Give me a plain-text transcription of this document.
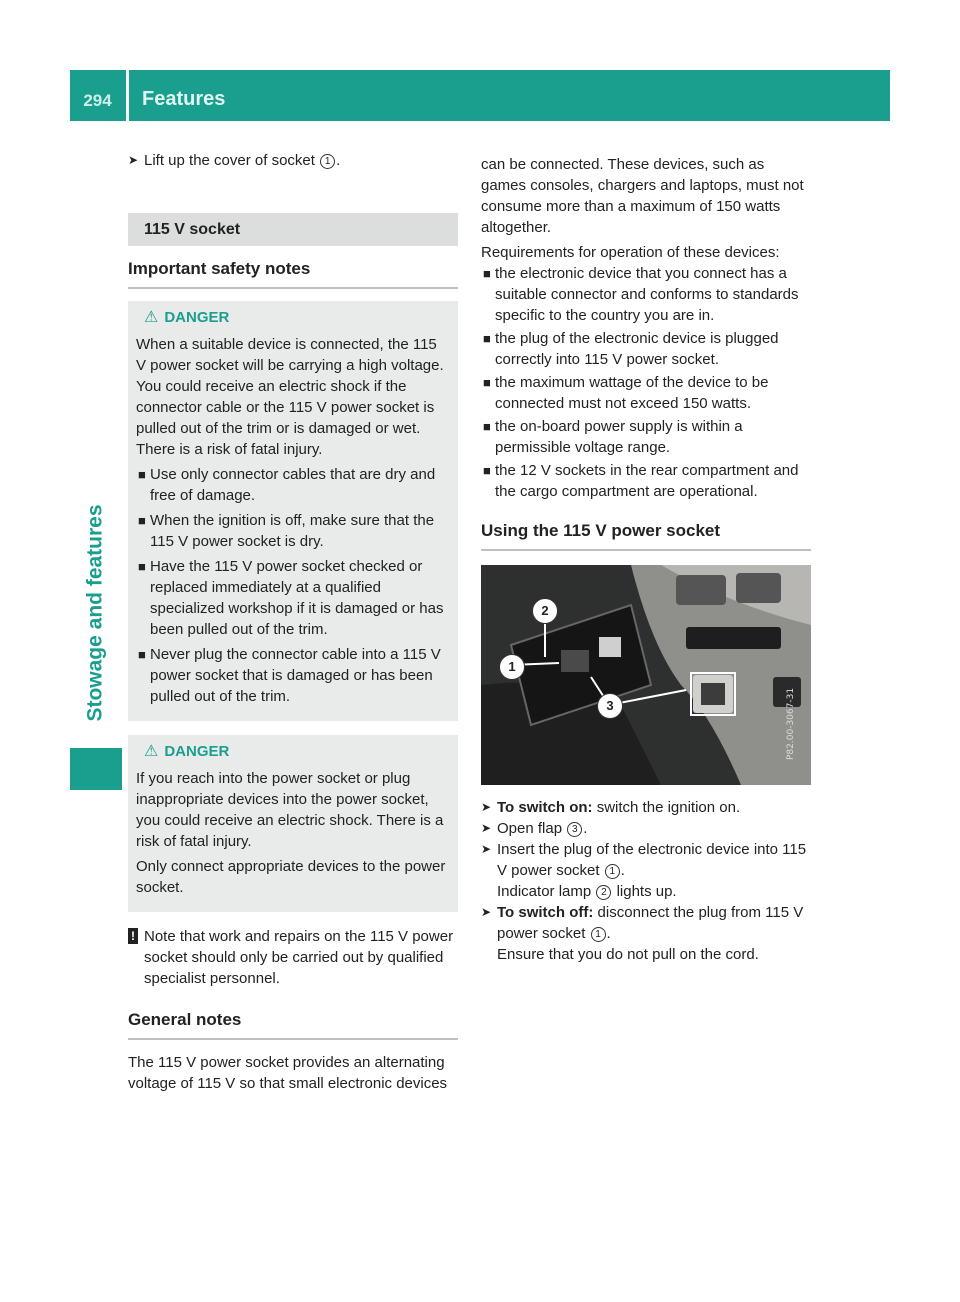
294	Features
Stowage and features

➤ Lift up the cover of socket 1 .

115 V socket
Important safety notes
⚠ DANGER

When a suitable device is connected, the 115 V power socket will be carrying a high voltage. You could receive an electric shock if the connector cable or the 115 V power socket is pulled out of the trim or is damaged or wet. There is a risk of fatal injury.

■ Use only connector cables that are dry and free of damage.

■ When the ignition is off, make sure that the 115 V power socket is dry.

■ Have the 115 V power socket checked or replaced immediately at a qualified specialized workshop if it is damaged or has been pulled out of the trim.

■ Never plug the connector cable into a 115 V power socket that is damaged or has been pulled out of the trim.

⚠ DANGER

If you reach into the power socket or plug inappropriate devices into the power socket, you could receive an electric shock. There is a risk of fatal injury.

Only connect appropriate devices to the power socket.

! Note that work and repairs on the 115 V power socket should only be carried out by qualified specialist personnel.
General notes

The 115 V power socket provides an alternating voltage of 115 V so that small electronic devices

can be connected. These devices, such as games consoles, chargers and laptops, must not consume more than a maximum of 150 watts altogether.

Requirements for operation of these devices:

■ the electronic device that you connect has a suitable connector and conforms to standards specific to the country you are in.

■ the plug of the electronic device is plugged correctly into 115 V power socket.

■ the maximum wattage of the device to be connected must not exceed 150 watts.

■ the on-board power supply is within a permissible voltage range.

■ the 12 V sockets in the rear compartment and the cargo compartment are operational.

Using the 115 V power socket
P82.00-3067-31
2
1
3

➤ To switch on: switch the ignition on.

➤ Open flap 3 .

➤ Insert the plug of the electronic device into 115 V power socket 1 .
Indicator lamp 2 lights up.

➤ To switch off: disconnect the plug from 115 V power socket 1 .
Ensure that you do not pull on the cord.
